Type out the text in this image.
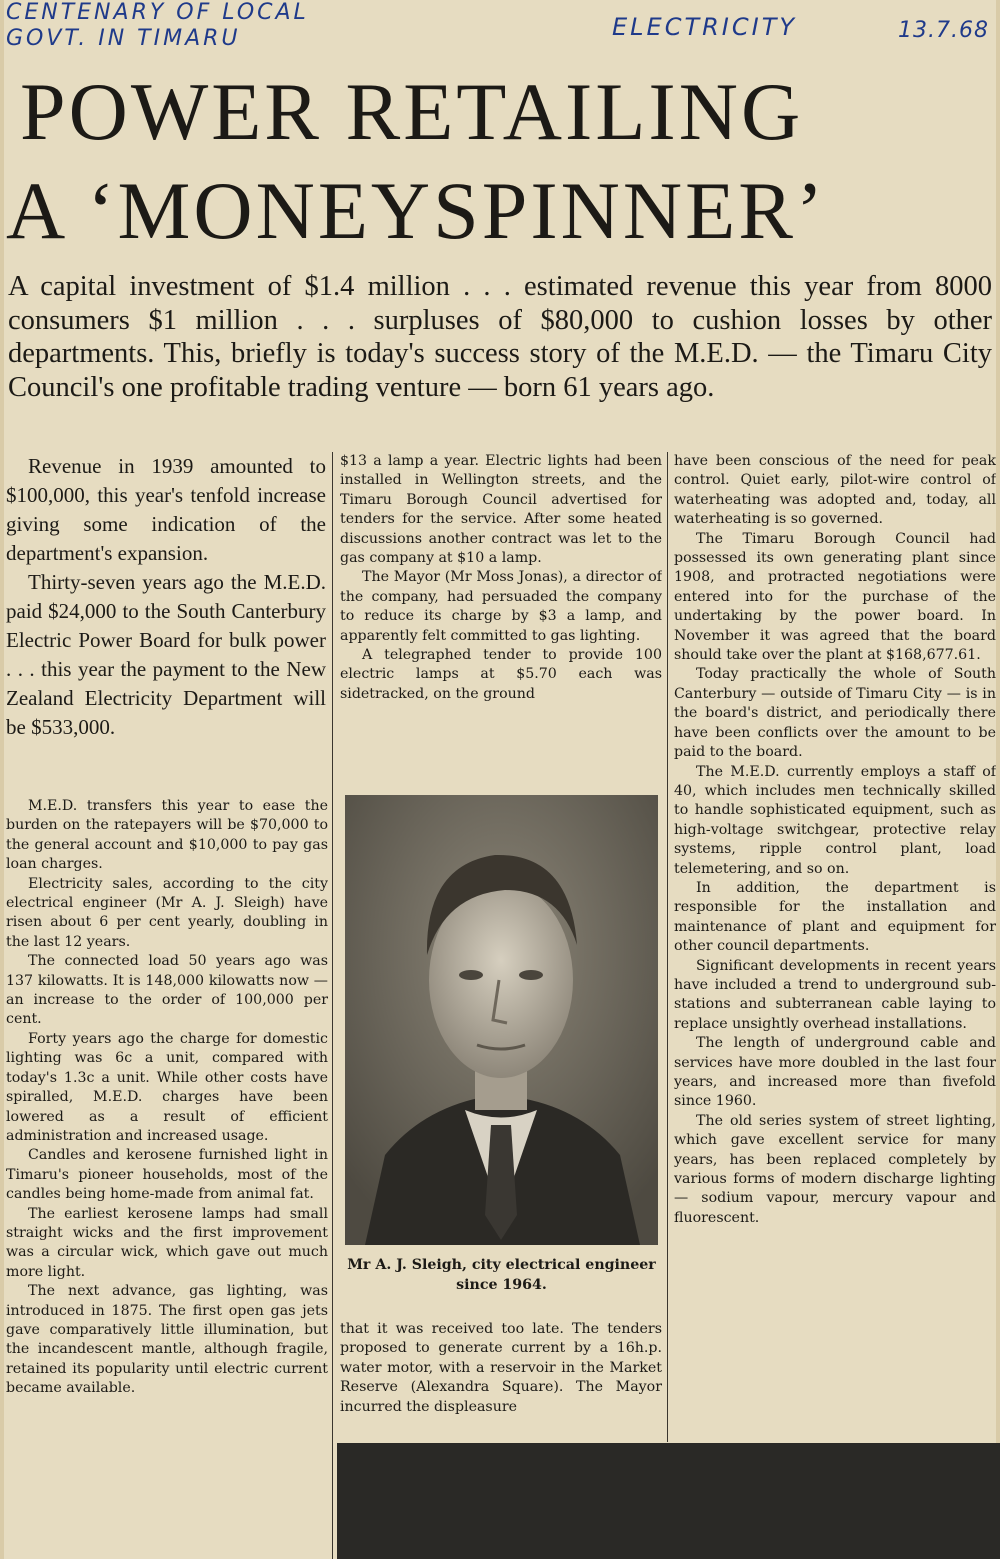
CENTENARY OF LOCAL
GOVT. IN TIMARU	ELECTRICITY	13.7.68
POWER RETAILING
A ‘MONEYSPINNER’

A capital investment of $1.4 million . . . estimated revenue this year from 8000 consumers $1 million . . . surpluses of $80,000 to cushion losses by other departments. This, briefly is today's success story of the M.E.D. — the Timaru City Council's one profitable trading venture — born 61 years ago.

Revenue in 1939 amounted to $100,000, this year's tenfold increase giving some indication of the department's expansion.

Thirty-seven years ago the M.E.D. paid $24,000 to the South Canterbury Electric Power Board for bulk power . . . this year the payment to the New Zealand Electricity Department will be $533,000.

M.E.D. transfers this year to ease the burden on the ratepayers will be $70,000 to the general account and $10,000 to pay gas loan charges.

Electricity sales, according to the city electrical engineer (Mr A. J. Sleigh) have risen about 6 per cent yearly, doubling in the last 12 years.

The connected load 50 years ago was 137 kilowatts. It is 148,000 kilowatts now — an increase to the order of 100,000 per cent.

Forty years ago the charge for domestic lighting was 6c a unit, compared with today's 1.3c a unit. While other costs have spiralled, M.E.D. charges have been lowered as a result of efficient administration and increased usage.

Candles and kerosene furnished light in Timaru's pioneer households, most of the candles being home-made from animal fat.

The earliest kerosene lamps had small straight wicks and the first improvement was a circular wick, which gave out much more light.

The next advance, gas lighting, was introduced in 1875. The first open gas jets gave comparatively little illumination, but the incandescent mantle, although fragile, retained its popularity until electric current became available.

$13 a lamp a year. Electric lights had been installed in Wellington streets, and the Timaru Borough Council advertised for tenders for the service. After some heated discussions another contract was let to the gas company at $10 a lamp.

The Mayor (Mr Moss Jonas), a director of the company, had persuaded the company to reduce its charge by $3 a lamp, and apparently felt committed to gas lighting.

A telegraphed tender to provide 100 electric lamps at $5.70 each was sidetracked, on the ground

Mr A. J. Sleigh, city electrical engineer since 1964.

that it was received too late. The tenders proposed to generate current by a 16h.p. water motor, with a reservoir in the Market Reserve (Alexandra Square). The Mayor incurred the displeasure

have been conscious of the need for peak control. Quiet early, pilot-wire control of waterheating was adopted and, today, all waterheating is so governed.

The Timaru Borough Council had possessed its own generating plant since 1908, and protracted negotiations were entered into for the purchase of the undertaking by the power board. In November it was agreed that the board should take over the plant at $168,677.61.

Today practically the whole of South Canterbury — outside of Timaru City — is in the board's district, and periodically there have been conflicts over the amount to be paid to the board.

The M.E.D. currently employs a staff of 40, which includes men technically skilled to handle sophisticated equipment, such as high-voltage switchgear, protective relay systems, ripple control plant, load telemetering, and so on.

In addition, the department is responsible for the installation and maintenance of plant and equipment for other council departments.

Significant developments in recent years have included a trend to underground sub-stations and subterranean cable laying to replace unsightly overhead installations.

The length of underground cable and services have more doubled in the last four years, and increased more than fivefold since 1960.

The old series system of street lighting, which gave excellent service for many years, has been replaced completely by various forms of modern discharge lighting — sodium vapour, mercury vapour and fluorescent.
